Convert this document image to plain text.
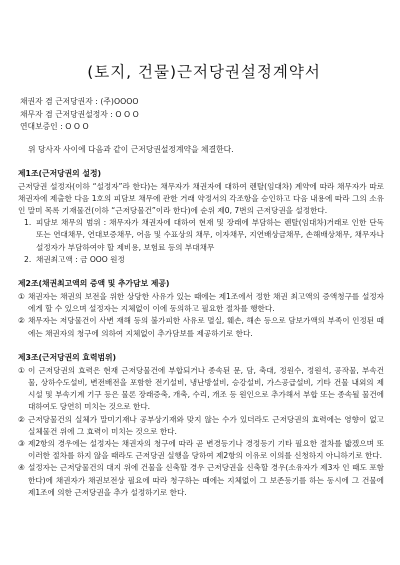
(토지, 건물)근저당권설정계약서
채권자 겸 근저당권자 : (주)OOOO
채무자 겸 근저당권설정자 : O O O
연대보증인 : O O O
위 당사자 사이에 다음과 같이 근저당권설정계약을 체결한다.
제1조(근저당권의 설정)
근저당권 설정자(이하 “설정자”라 한다)는 채무자가 채권자에 대하여 렌탈(임대차) 계약에 따라 채무자가 따로 채권자에 제출한 다음 1호의 피담보 채무에 관한 거래 약정서의 각조항을 승인하고 다음 내용에 따라 그의 소유인 말미 목록 기재물건(이하 “근저당물건”이라 한다)에 순위 제0, 7번의 근저당권을 설정한다.
1. 피담보 채무의 범위 : 채무자가 채권자에 대하여 현재 및 장래에 부담하는 렌탈(임대차)거래로 인한 단독 또는 연대채무, 연대보증채무, 어음 및 수표상의 채무, 이자채무, 지연배상금채무, 손해배상채무, 채무자나 설정자가 부담하여야 할 제비용, 보험료 등의 부대채무
2. 채권최고액 : 금 OOO 원정
제2조(채권최고액의 증액 및 추가담보 제공)
① 채권자는 채권의 보전을 위한 상당한 사유가 있는 때에는 제1조에서 정한 채권 최고액의 증액청구를 설정자에게 할 수 있으며 설정자는 지체없이 이에 동의하고 필요한 절차를 행한다.
② 채무자는 저당물건이 사변 재해 등의 불가피한 사유로 멸실, 훼손, 해손 등으로 담보가액의 부족이 인정된 때에는 채권자의 청구에 의하여 지체없이 추가담보를 제공하기로 한다.
제3조(근저당권의 효력범위)
① 이 근저당권의 효력은 현재 근저당물건에 부합되거나 종속된 문, 담, 축대, 정원수, 정원석, 공작물, 부속건물, 상하수도설비, 변전배전을 포함한 전기설비, 냉난방설비, 승강설비, 가스공급설비, 기타 건물 내외의 제시설 및 부속기계 기구 등은 물론 장래증축, 개축, 수리, 개조 등 원인으로 추가해서 부합 또는 종속될 물건에 대하여도 당연히 미치는 것으로 한다.
② 근저당물건의 실체가 말미기재나 공부상기재와 맞지 않는 수가 있더라도 근저당권의 효력에는 영향이 없고 실체물건 위에 그 효력이 미치는 것으로 한다.
③ 제2항의 경우에는 설정자는 채권자의 청구에 따라 곧 변경등기나 경정등기 기타 필요한 절차를 밟겠으며 또 이러한 절차를 하지 않을 때라도 근저당권 실행을 당하여 제2항의 이유로 이의를 신청하지 아니하기로 한다.
④ 설정자는 근저당물건의 대지 위에 건물을 신축할 경우 근저당권을 신축할 경우(소유자가 제3자 인 때도 포함한다)에 채권자가 채권보전상 필요에 따라 청구하는 때에는 지체없이 그 보존등기를 하는 동시에 그 건물에 제1조에 의한 근저당권을 추가 설정하기로 한다.
